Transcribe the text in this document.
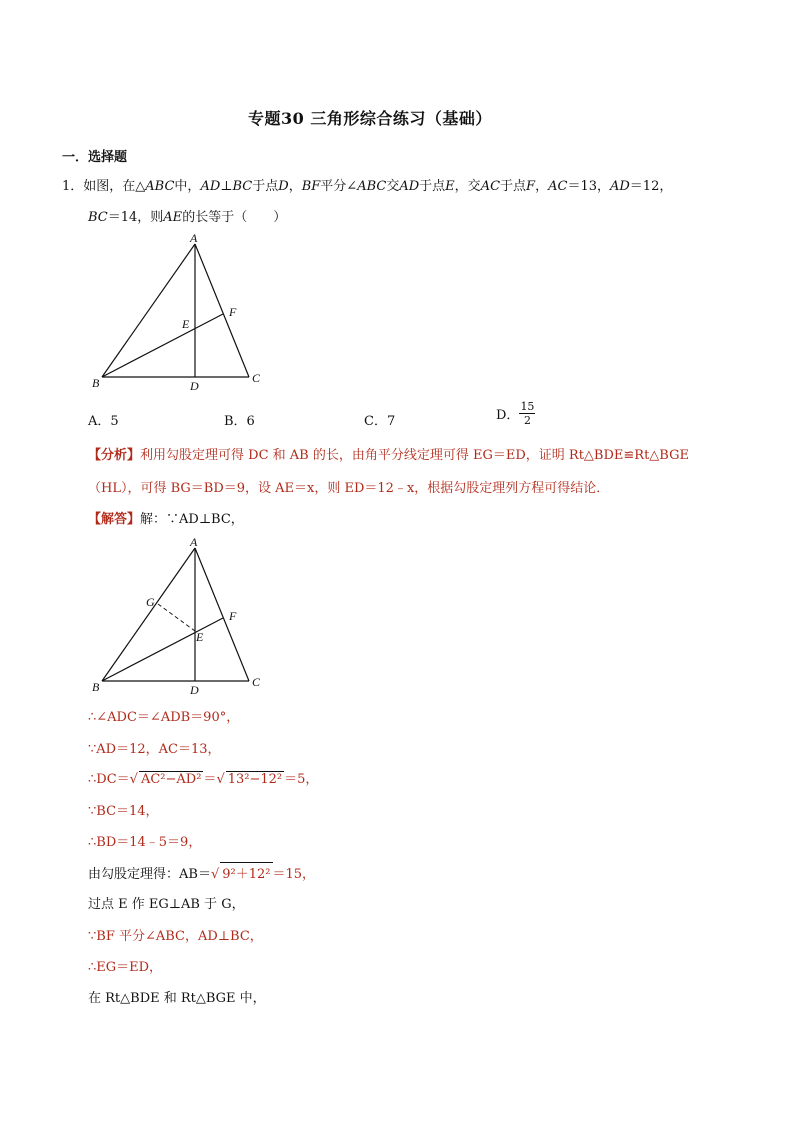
专题30 三角形综合练习（基础）
一．选择题
1．如图，在△ABC中，AD⊥BC于点D，BF平分∠ABC交AD于点E，交AC于点F，AC＝13，AD＝12，
BC＝14，则AE的长等于（　　）
A
B	C
D
E
F
A．5	B．6	C．7	D． $\frac{15}{2}$
【分析】利用勾股定理可得 DC 和 AB 的长，由角平分线定理可得 EG＝ED，证明 Rt△BDE≌Rt△BGE
（HL），可得 BG＝BD＝9，设 AE＝x，则 ED＝12﹣x，根据勾股定理列方程可得结论．
【解答】解：∵AD⊥BC，
A
B	C
D
E
F
G
∴∠ADC＝∠ADB＝90°，
∵AD＝12，AC＝13，
∴DC＝√ AC²−AD² ＝√ 13²−12² ＝5，
∵BC＝14，
∴BD＝14﹣5＝9，
由勾股定理得：AB＝√ 9²＋12² ＝15，
过点 E 作 EG⊥AB 于 G，
∵BF 平分∠ABC，AD⊥BC，
∴EG＝ED，
在 Rt△BDE 和 Rt△BGE 中，
